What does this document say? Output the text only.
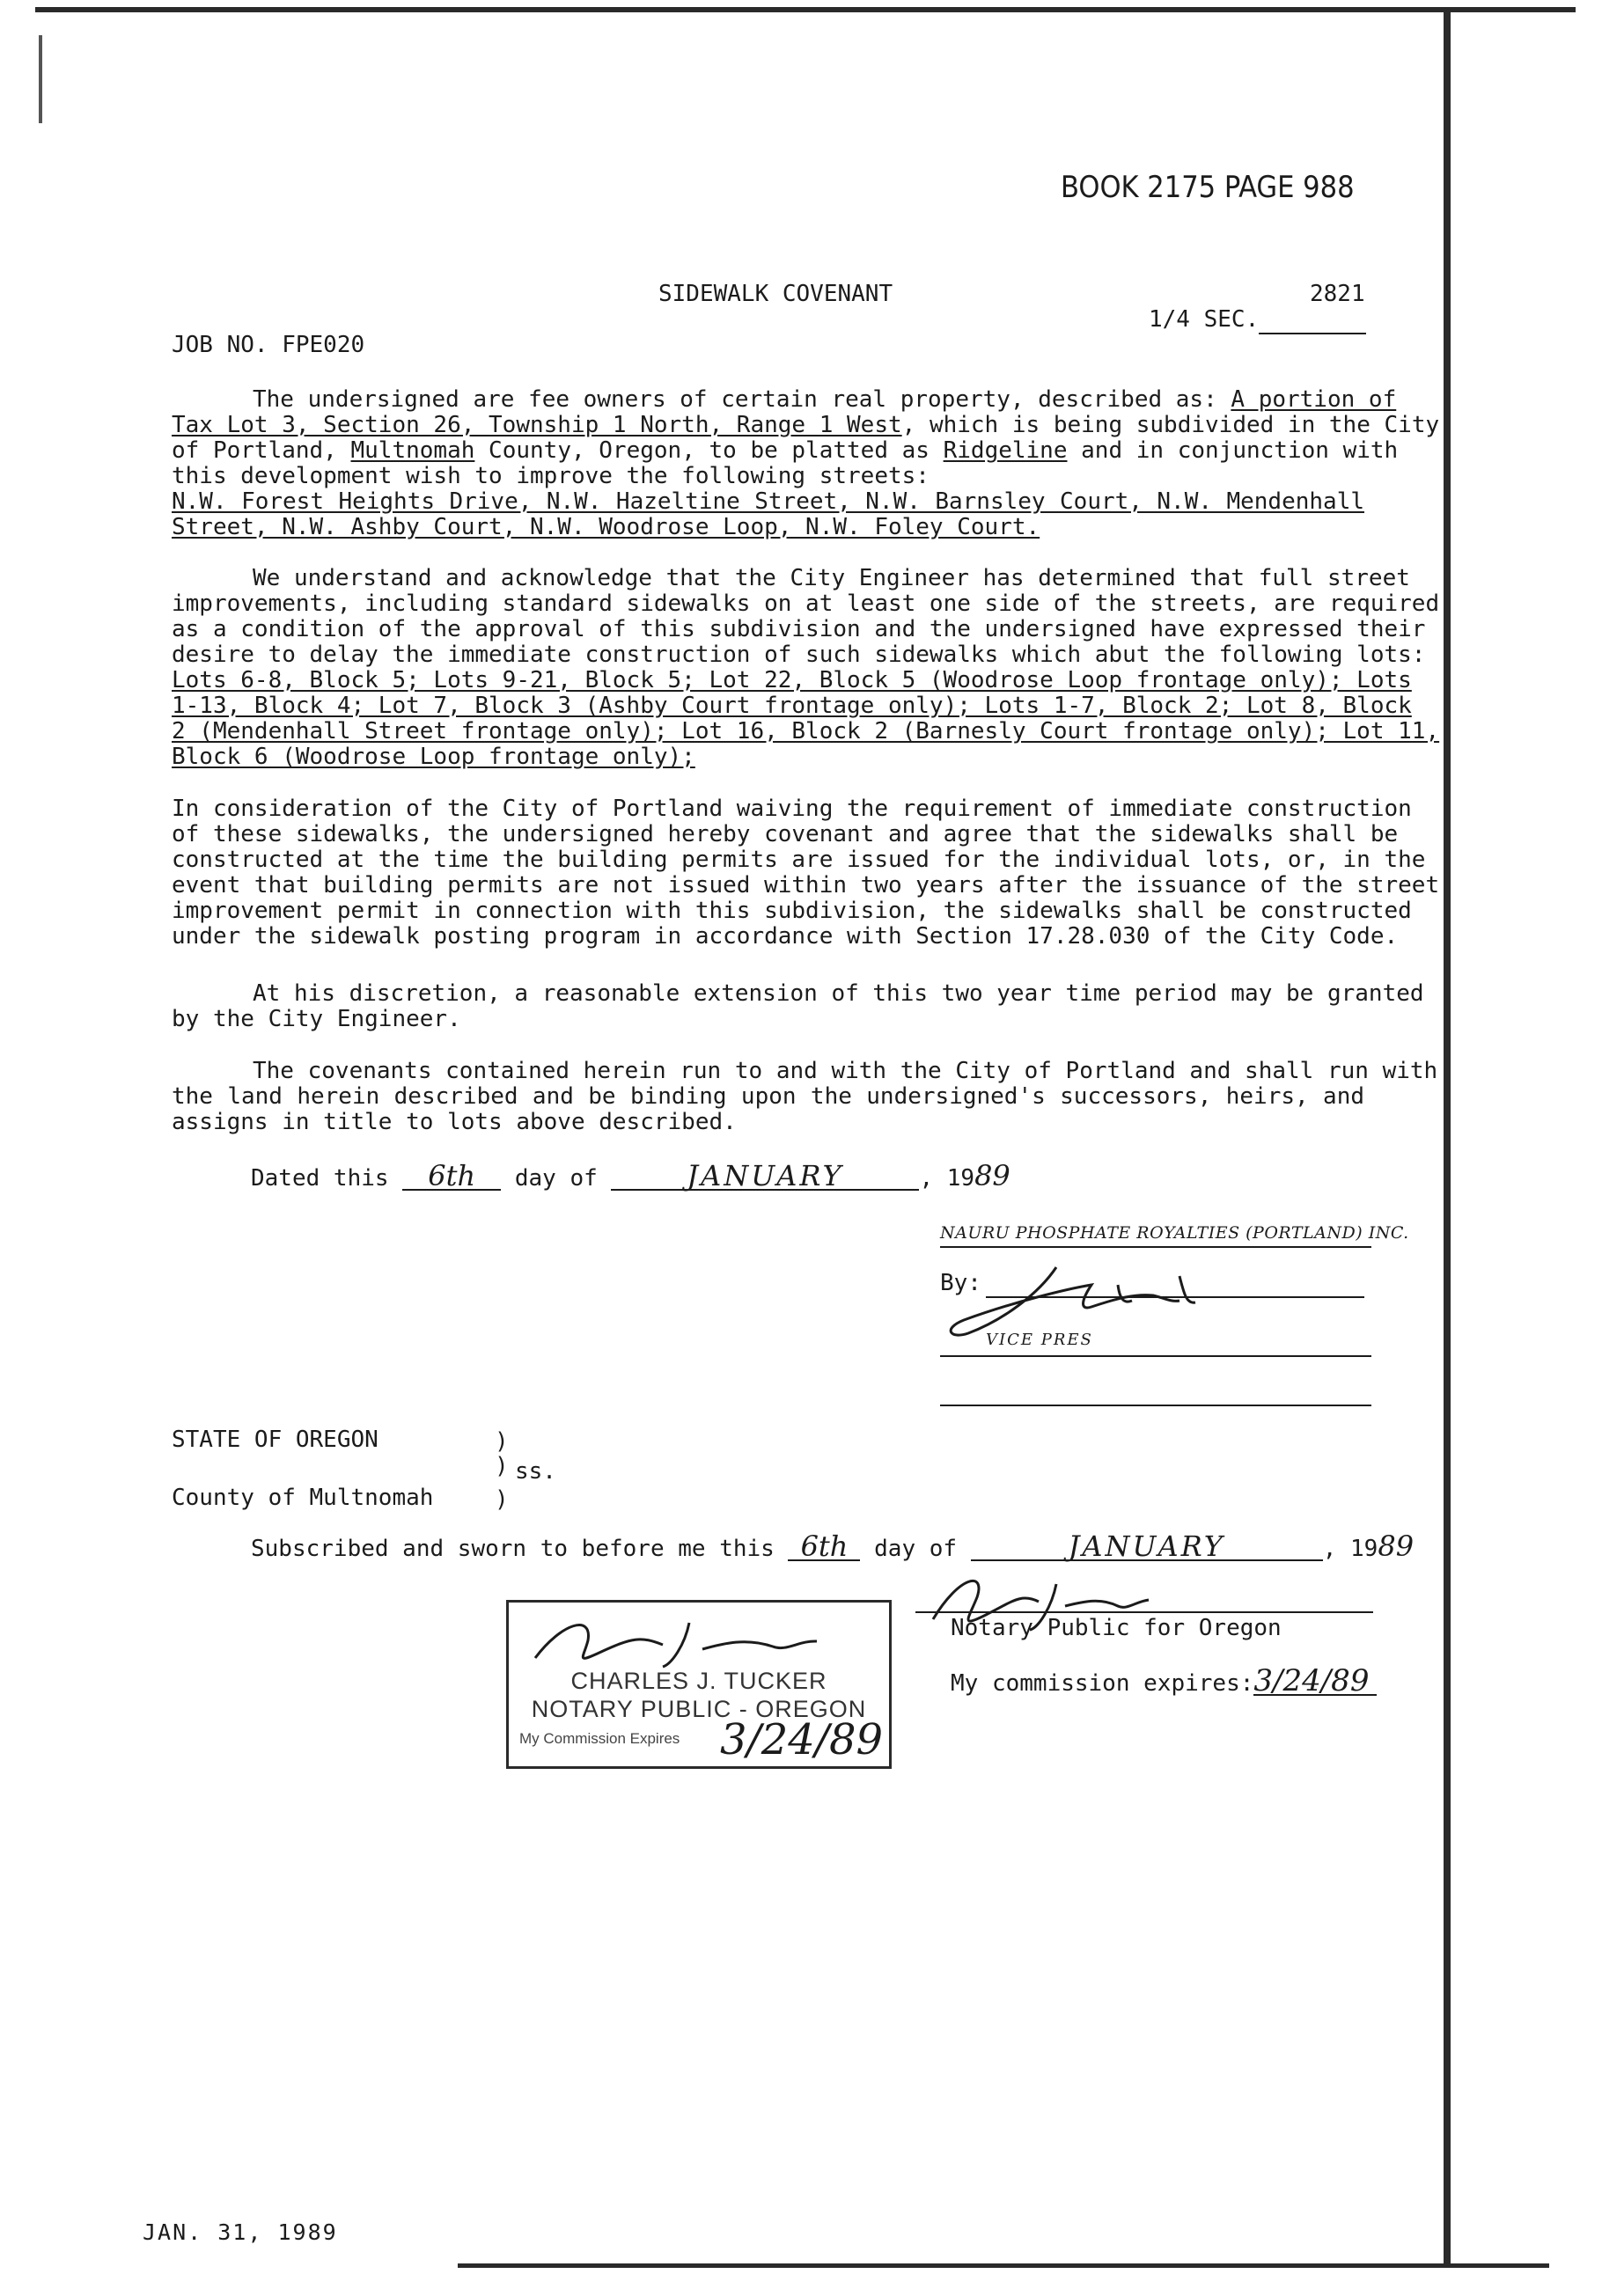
BOOK 2175 PAGE 988
SIDEWALK COVENANT	2821
1/4 SEC.
JOB NO. FPE020
The undersigned are fee owners of certain real property, described as: A portion of
Tax Lot 3, Section 26, Township 1 North, Range 1 West, which is being subdivided in the City
of Portland, Multnomah County, Oregon, to be platted as Ridgeline and in conjunction with
this development wish to improve the following streets:
N.W. Forest Heights Drive, N.W. Hazeltine Street, N.W. Barnsley Court, N.W. Mendenhall
Street, N.W. Ashby Court, N.W. Woodrose Loop, N.W. Foley Court.
We understand and acknowledge that the City Engineer has determined that full street
improvements, including standard sidewalks on at least one side of the streets, are required
as a condition of the approval of this subdivision and the undersigned have expressed their
desire to delay the immediate construction of such sidewalks which abut the following lots:
Lots 6-8, Block 5; Lots 9-21, Block 5; Lot 22, Block 5 (Woodrose Loop frontage only); Lots
1-13, Block 4; Lot 7, Block 3 (Ashby Court frontage only); Lots 1-7, Block 2; Lot 8, Block
2 (Mendenhall Street frontage only); Lot 16, Block 2 (Barnesly Court frontage only); Lot 11,
Block 6 (Woodrose Loop frontage only);
In consideration of the City of Portland waiving the requirement of immediate construction
of these sidewalks, the undersigned hereby covenant and agree that the sidewalks shall be
constructed at the time the building permits are issued for the individual lots, or, in the
event that building permits are not issued within two years after the issuance of the street
improvement permit in connection with this subdivision, the sidewalks shall be constructed
under the sidewalk posting program in accordance with Section 17.28.030 of the City Code.
At his discretion, a reasonable extension of this two year time period may be granted
by the City Engineer.
The covenants contained herein run to and with the City of Portland and shall run with
the land herein described and be binding upon the undersigned's successors, heirs, and
assigns in title to lots above described.
Dated this 6th day of	JANUARY	, 1989
NAURU PHOSPHATE ROYALTIES (PORTLAND) INC.
By:
VICE PRES
STATE OF OREGON	)
) ss.
)
County of Multnomah
Subscribed and sworn to before me this 6th day of	JANUARY	, 1989
Notary Public for Oregon
My commission expires:3/24/89
CHARLES J. TUCKER
NOTARY PUBLIC - OREGON
My Commission Expires 3/24/89
JAN. 31, 1989
